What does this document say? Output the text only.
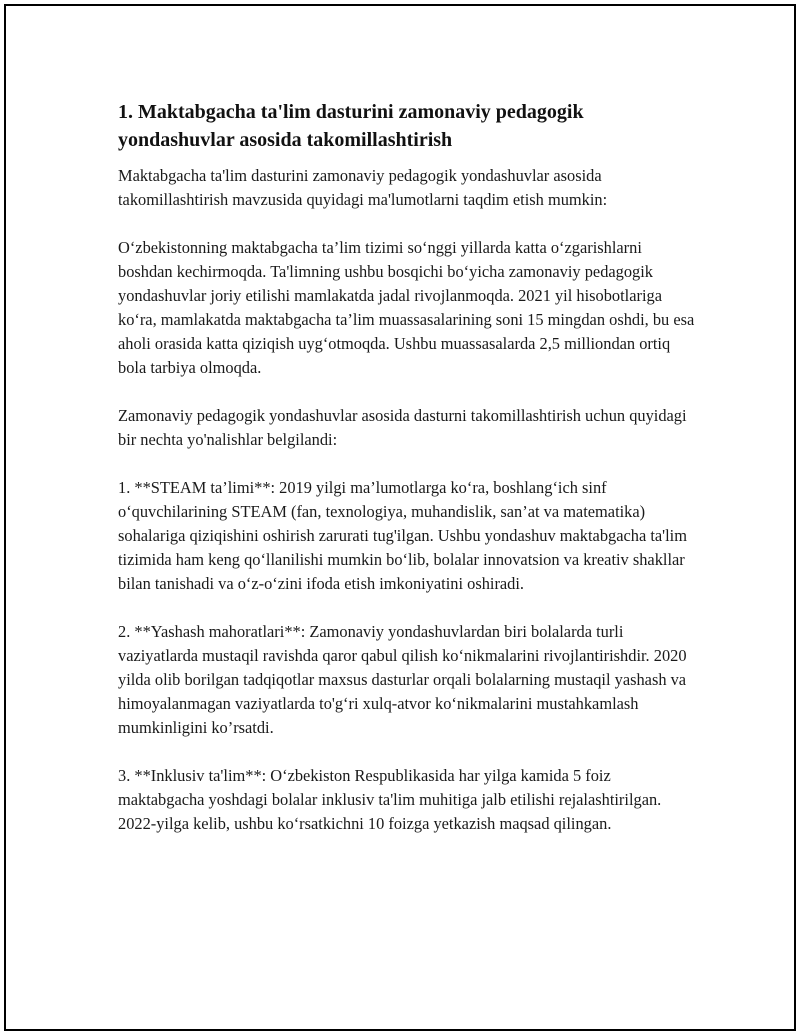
1. Maktabgacha ta'lim dasturini zamonaviy pedagogik yondashuvlar asosida takomillashtirish

Maktabgacha ta'lim dasturini zamonaviy pedagogik yondashuvlar asosida takomillashtirish mavzusida quyidagi ma'lumotlarni taqdim etish mumkin:

O‘zbekistonning maktabgacha ta’lim tizimi so‘nggi yillarda katta o‘zgarishlarni boshdan kechirmoqda. Ta'limning ushbu bosqichi bo‘yicha zamonaviy pedagogik yondashuvlar joriy etilishi mamlakatda jadal rivojlanmoqda. 2021 yil hisobotlariga ko‘ra, mamlakatda maktabgacha ta’lim muassasalarining soni 15 mingdan oshdi, bu esa aholi orasida katta qiziqish uyg‘otmoqda. Ushbu muassasalarda 2,5 milliondan ortiq bola tarbiya olmoqda.

Zamonaviy pedagogik yondashuvlar asosida dasturni takomillashtirish uchun quyidagi bir nechta yo'nalishlar belgilandi:

1. **STEAM ta’limi**: 2019 yilgi ma’lumotlarga ko‘ra, boshlang‘ich sinf o‘quvchilarining STEAM (fan, texnologiya, muhandislik, san’at va matematika) sohalariga qiziqishini oshirish zarurati tug'ilgan. Ushbu yondashuv maktabgacha ta'lim tizimida ham keng qo‘llanilishi mumkin bo‘lib, bolalar innovatsion va kreativ shakllar bilan tanishadi va o‘z-o‘zini ifoda etish imkoniyatini oshiradi.

2. **Yashash mahoratlari**: Zamonaviy yondashuvlardan biri bolalarda turli vaziyatlarda mustaqil ravishda qaror qabul qilish ko‘nikmalarini rivojlantirishdir. 2020 yilda olib borilgan tadqiqotlar maxsus dasturlar orqali bolalarning mustaqil yashash va himoyalanmagan vaziyatlarda to'g‘ri xulq-atvor ko‘nikmalarini mustahkamlash mumkinligini ko’rsatdi.

3. **Inklusiv ta'lim**: O‘zbekiston Respublikasida har yilga kamida 5 foiz maktabgacha yoshdagi bolalar inklusiv ta'lim muhitiga jalb etilishi rejalashtirilgan. 2022-yilga kelib, ushbu ko‘rsatkichni 10 foizga yetkazish maqsad qilingan.
